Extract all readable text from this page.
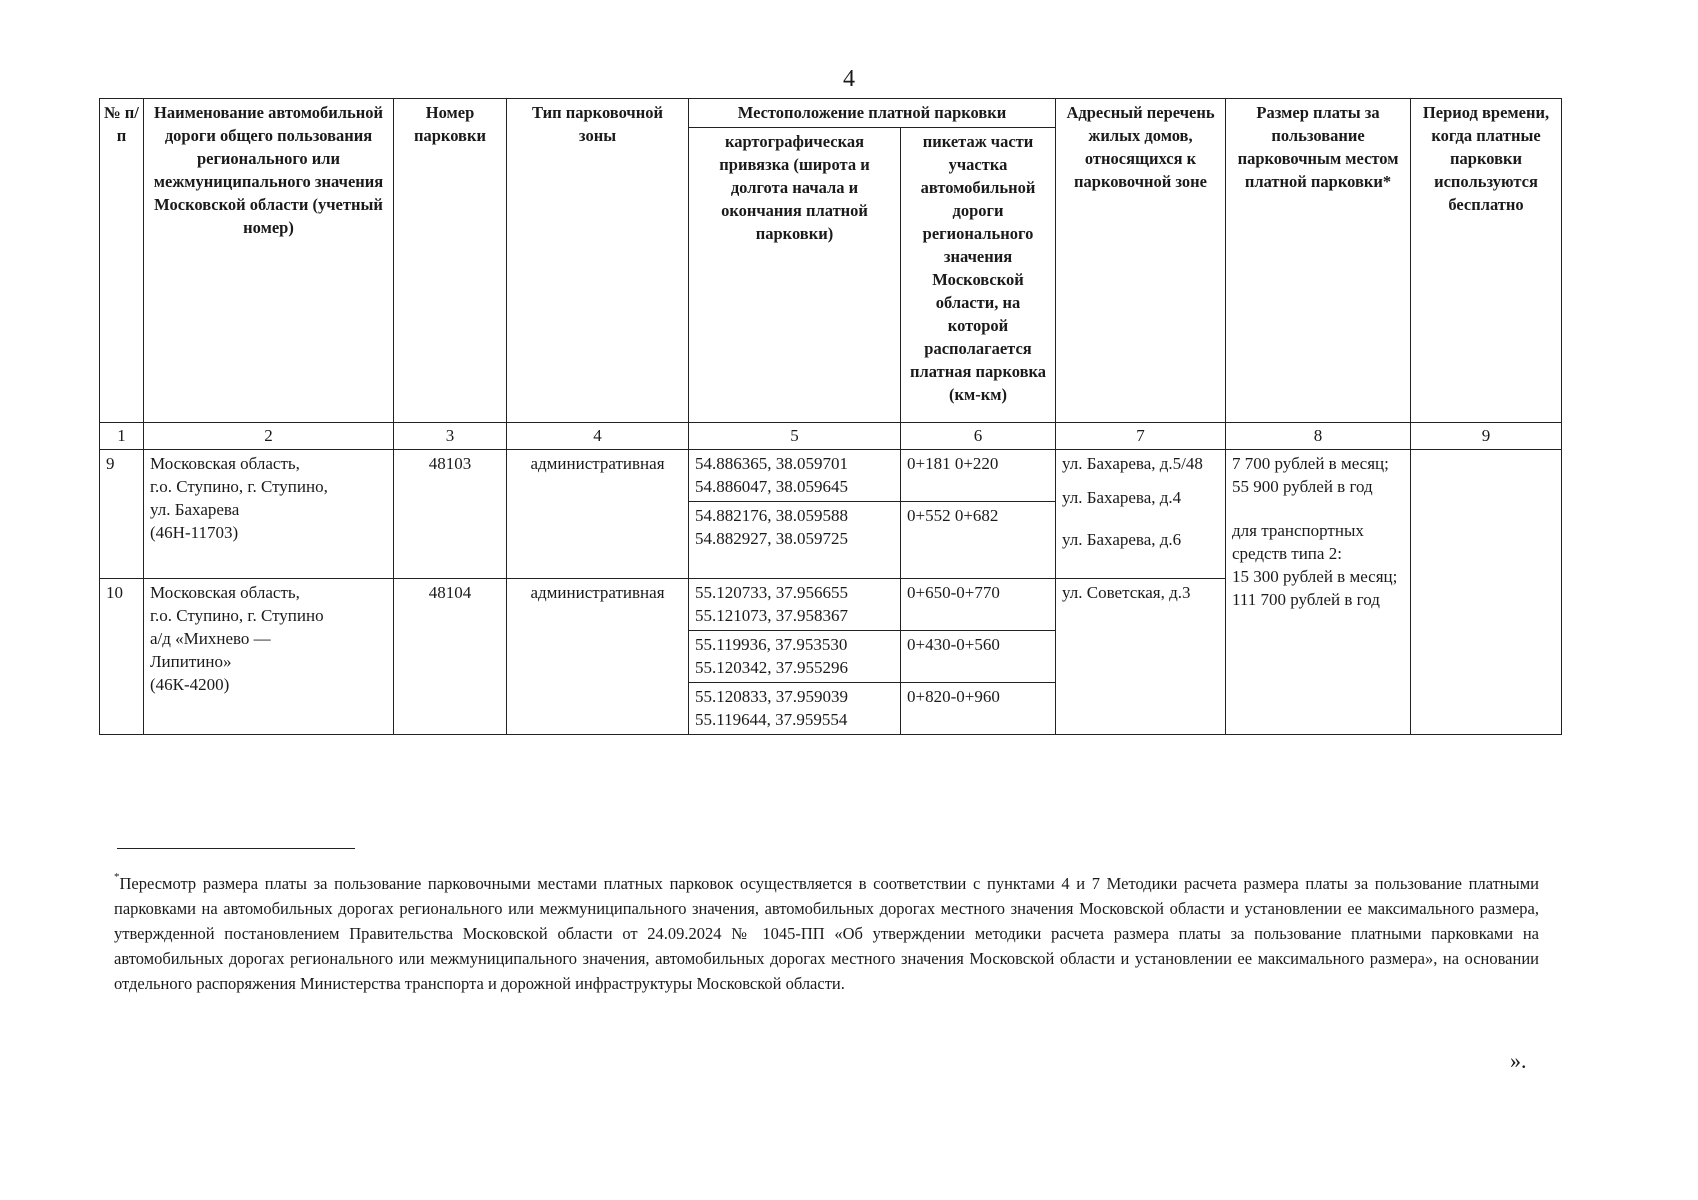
4
№ п/п	Наименование автомобильной дороги общего пользования регионального или межмуниципального значения Московской области (учетный номер)	Номер парковки	Тип парковочной зоны	Местоположение платной парковки		Адресный перечень жилых домов, относящихся к парковочной зоне	Размер платы за пользование парковочным местом платной парковки*	Период времени, когда платные парковки используются бесплатно
				картографическая привязка (широта и долгота начала и окончания платной парковки)	пикетаж части участка автомобильной дороги регионального значения Московской области, на которой располагается платная парковка (км-км)			
1	2	3	4	5	6	7	8	9
9	Московская область,
г.о. Ступино, г. Ступино,
ул. Бахарева
(46Н-11703)	48103	административная	54.886365, 38.059701
54.886047, 38.059645	0+181 0+220	ул. Бахарева, д.5/48
ул. Бахарева, д.4
ул. Бахарева, д.6	7 700 рублей в месяц;
55 900 рублей в год
для транспортных средств типа 2:
15 300 рублей в месяц;
111 700 рублей в год	

				54.882176, 38.059588
54.882927, 38.059725	0+552 0+682			
10	Московская область,
г.о. Ступино, г. Ступино
а/д «Михнево —
Липитино»
(46К-4200)	48104	административная	55.120733, 37.956655
55.121073, 37.958367	0+650-0+770	ул. Советская, д.3		

				55.119936, 37.953530
55.120342, 37.955296	0+430-0+560			

				55.120833, 37.959039
55.119644, 37.959554	0+820-0+960			
*Пересмотр размера платы за пользование парковочными местами платных парковок осуществляется в соответствии с пунктами 4 и 7 Методики расчета размера платы за пользование платными парковками на автомобильных дорогах регионального или межмуниципального значения, автомобильных дорогах местного значения Московской области и установлении ее максимального размера, утвержденной постановлением Правительства Московской области от 24.09.2024 № 1045-ПП «Об утверждении методики расчета размера платы за пользование платными парковками на автомобильных дорогах регионального или межмуниципального значения, автомобильных дорогах местного значения Московской области и установлении ее максимального размера», на основании отдельного распоряжения Министерства транспорта и дорожной инфраструктуры Московской области.
».
